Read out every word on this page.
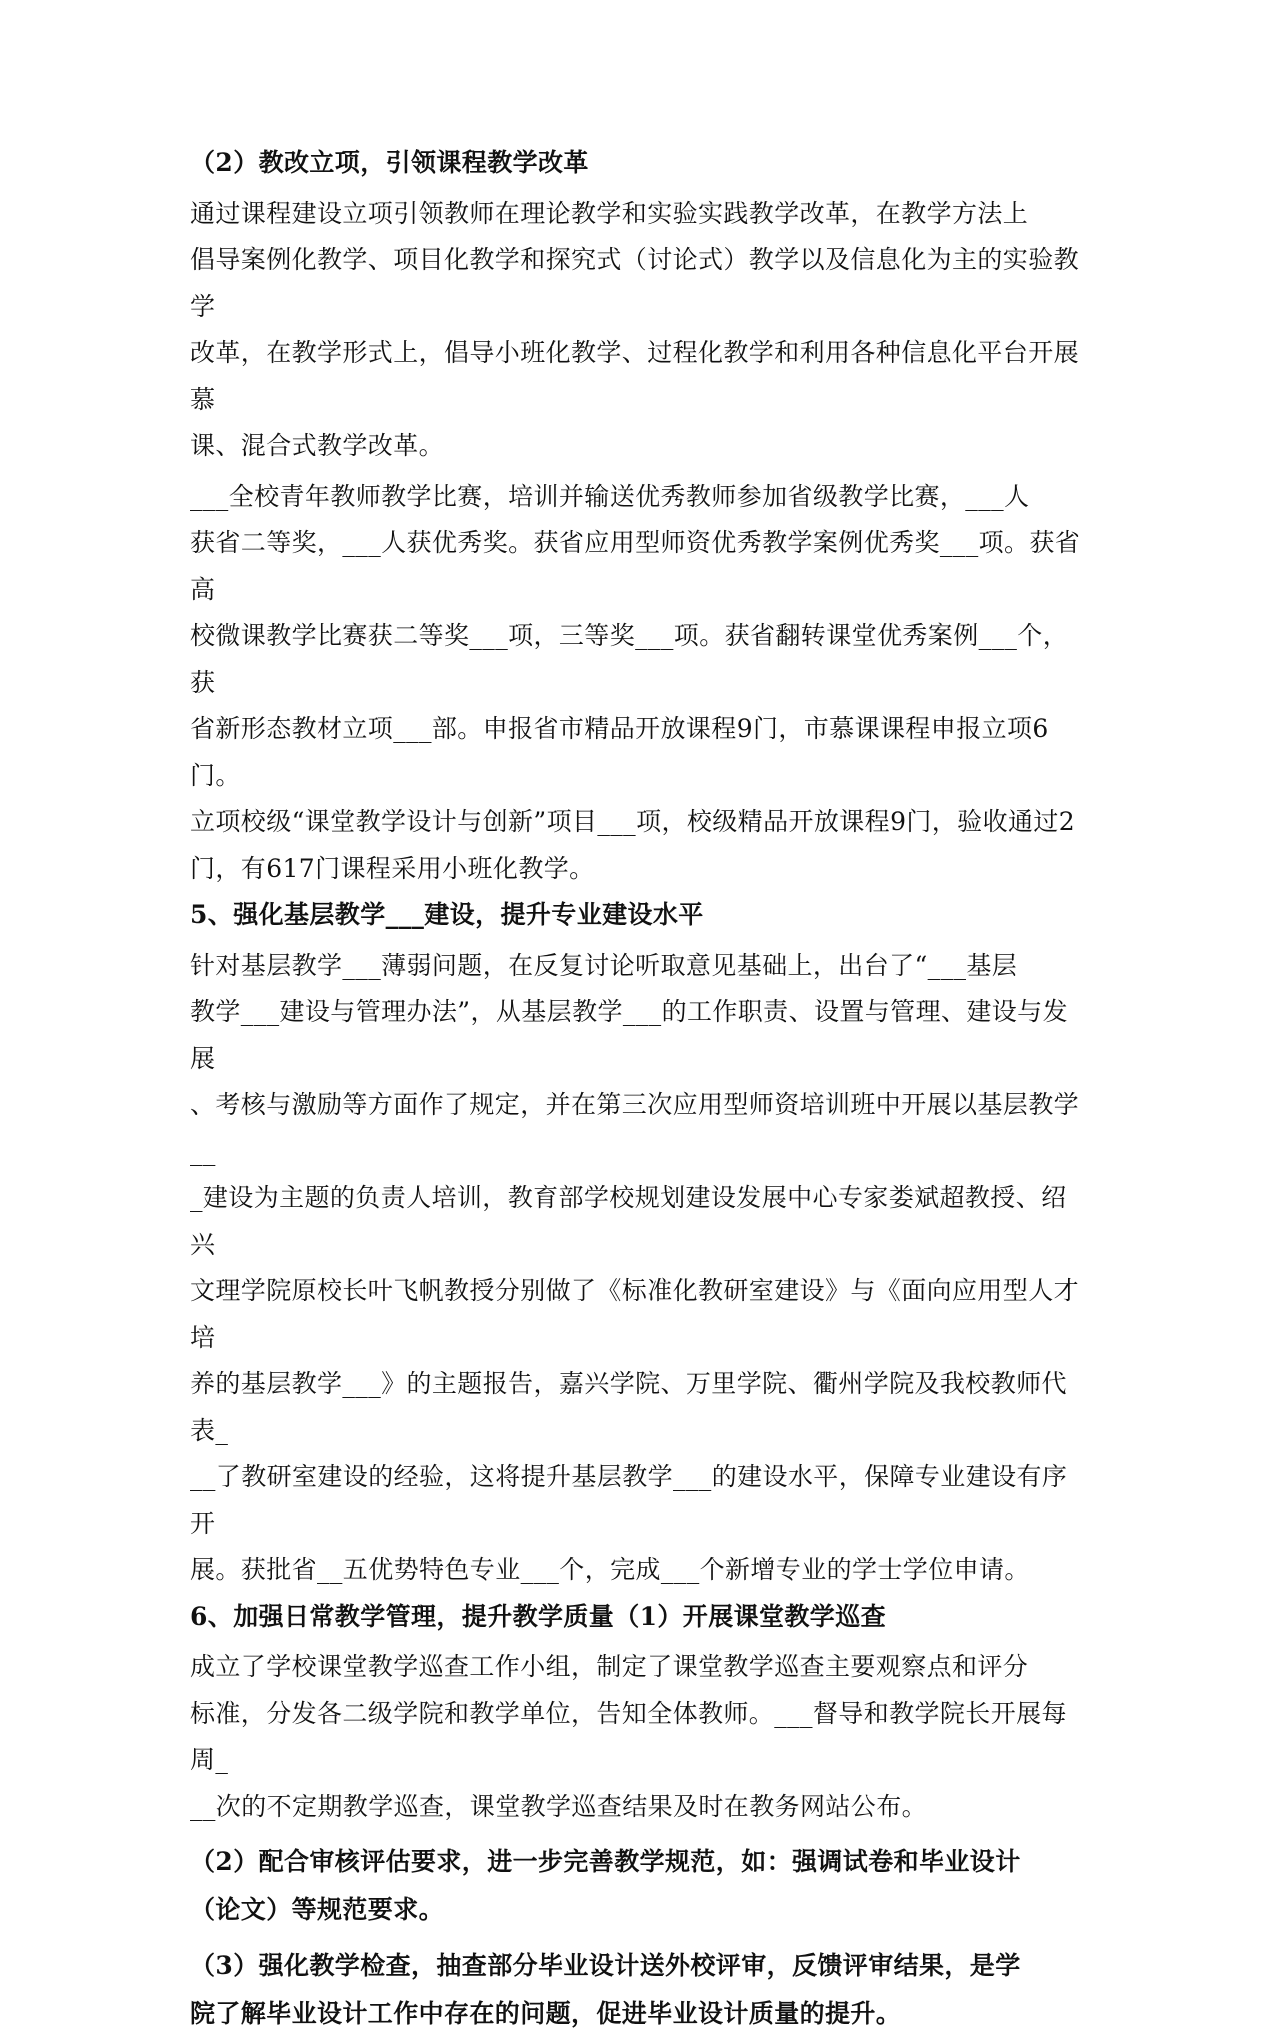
（2）教改立项，引领课程教学改革

通过课程建设立项引领教师在理论教学和实验实践教学改革，在教学方法上
倡导案例化教学、项目化教学和探究式（讨论式）教学以及信息化为主的实验教学
改革，在教学形式上，倡导小班化教学、过程化教学和利用各种信息化平台开展慕
课、混合式教学改革。

___全校青年教师教学比赛，培训并输送优秀教师参加省级教学比赛，___人
获省二等奖，___人获优秀奖。获省应用型师资优秀教学案例优秀奖___项。获省高
校微课教学比赛获二等奖___项，三等奖___项。获省翻转课堂优秀案例___个，获
省新形态教材立项___部。申报省市精品开放课程9门，市慕课课程申报立项6门。
立项校级“课堂教学设计与创新”项目___项，校级精品开放课程9门，验收通过2
门，有617门课程采用小班化教学。

5、强化基层教学___建设，提升专业建设水平

针对基层教学___薄弱问题，在反复讨论听取意见基础上，出台了“___基层
教学___建设与管理办法”，从基层教学___的工作职责、设置与管理、建设与发展
、考核与激励等方面作了规定，并在第三次应用型师资培训班中开展以基层教学__
_建设为主题的负责人培训，教育部学校规划建设发展中心专家娄斌超教授、绍兴
文理学院原校长叶飞帆教授分别做了《标准化教研室建设》与《面向应用型人才培
养的基层教学___》的主题报告，嘉兴学院、万里学院、衢州学院及我校教师代表_
__了教研室建设的经验，这将提升基层教学___的建设水平，保障专业建设有序开
展。获批省__五优势特色专业___个，完成___个新增专业的学士学位申请。

6、加强日常教学管理，提升教学质量（1）开展课堂教学巡查

成立了学校课堂教学巡查工作小组，制定了课堂教学巡查主要观察点和评分
标准，分发各二级学院和教学单位，告知全体教师。___督导和教学院长开展每周_
__次的不定期教学巡查，课堂教学巡查结果及时在教务网站公布。

（2）配合审核评估要求，进一步完善教学规范，如：强调试卷和毕业设计
（论文）等规范要求。

（3）强化教学检查，抽查部分毕业设计送外校评审，反馈评审结果，是学
院了解毕业设计工作中存在的问题，促进毕业设计质量的提升。
